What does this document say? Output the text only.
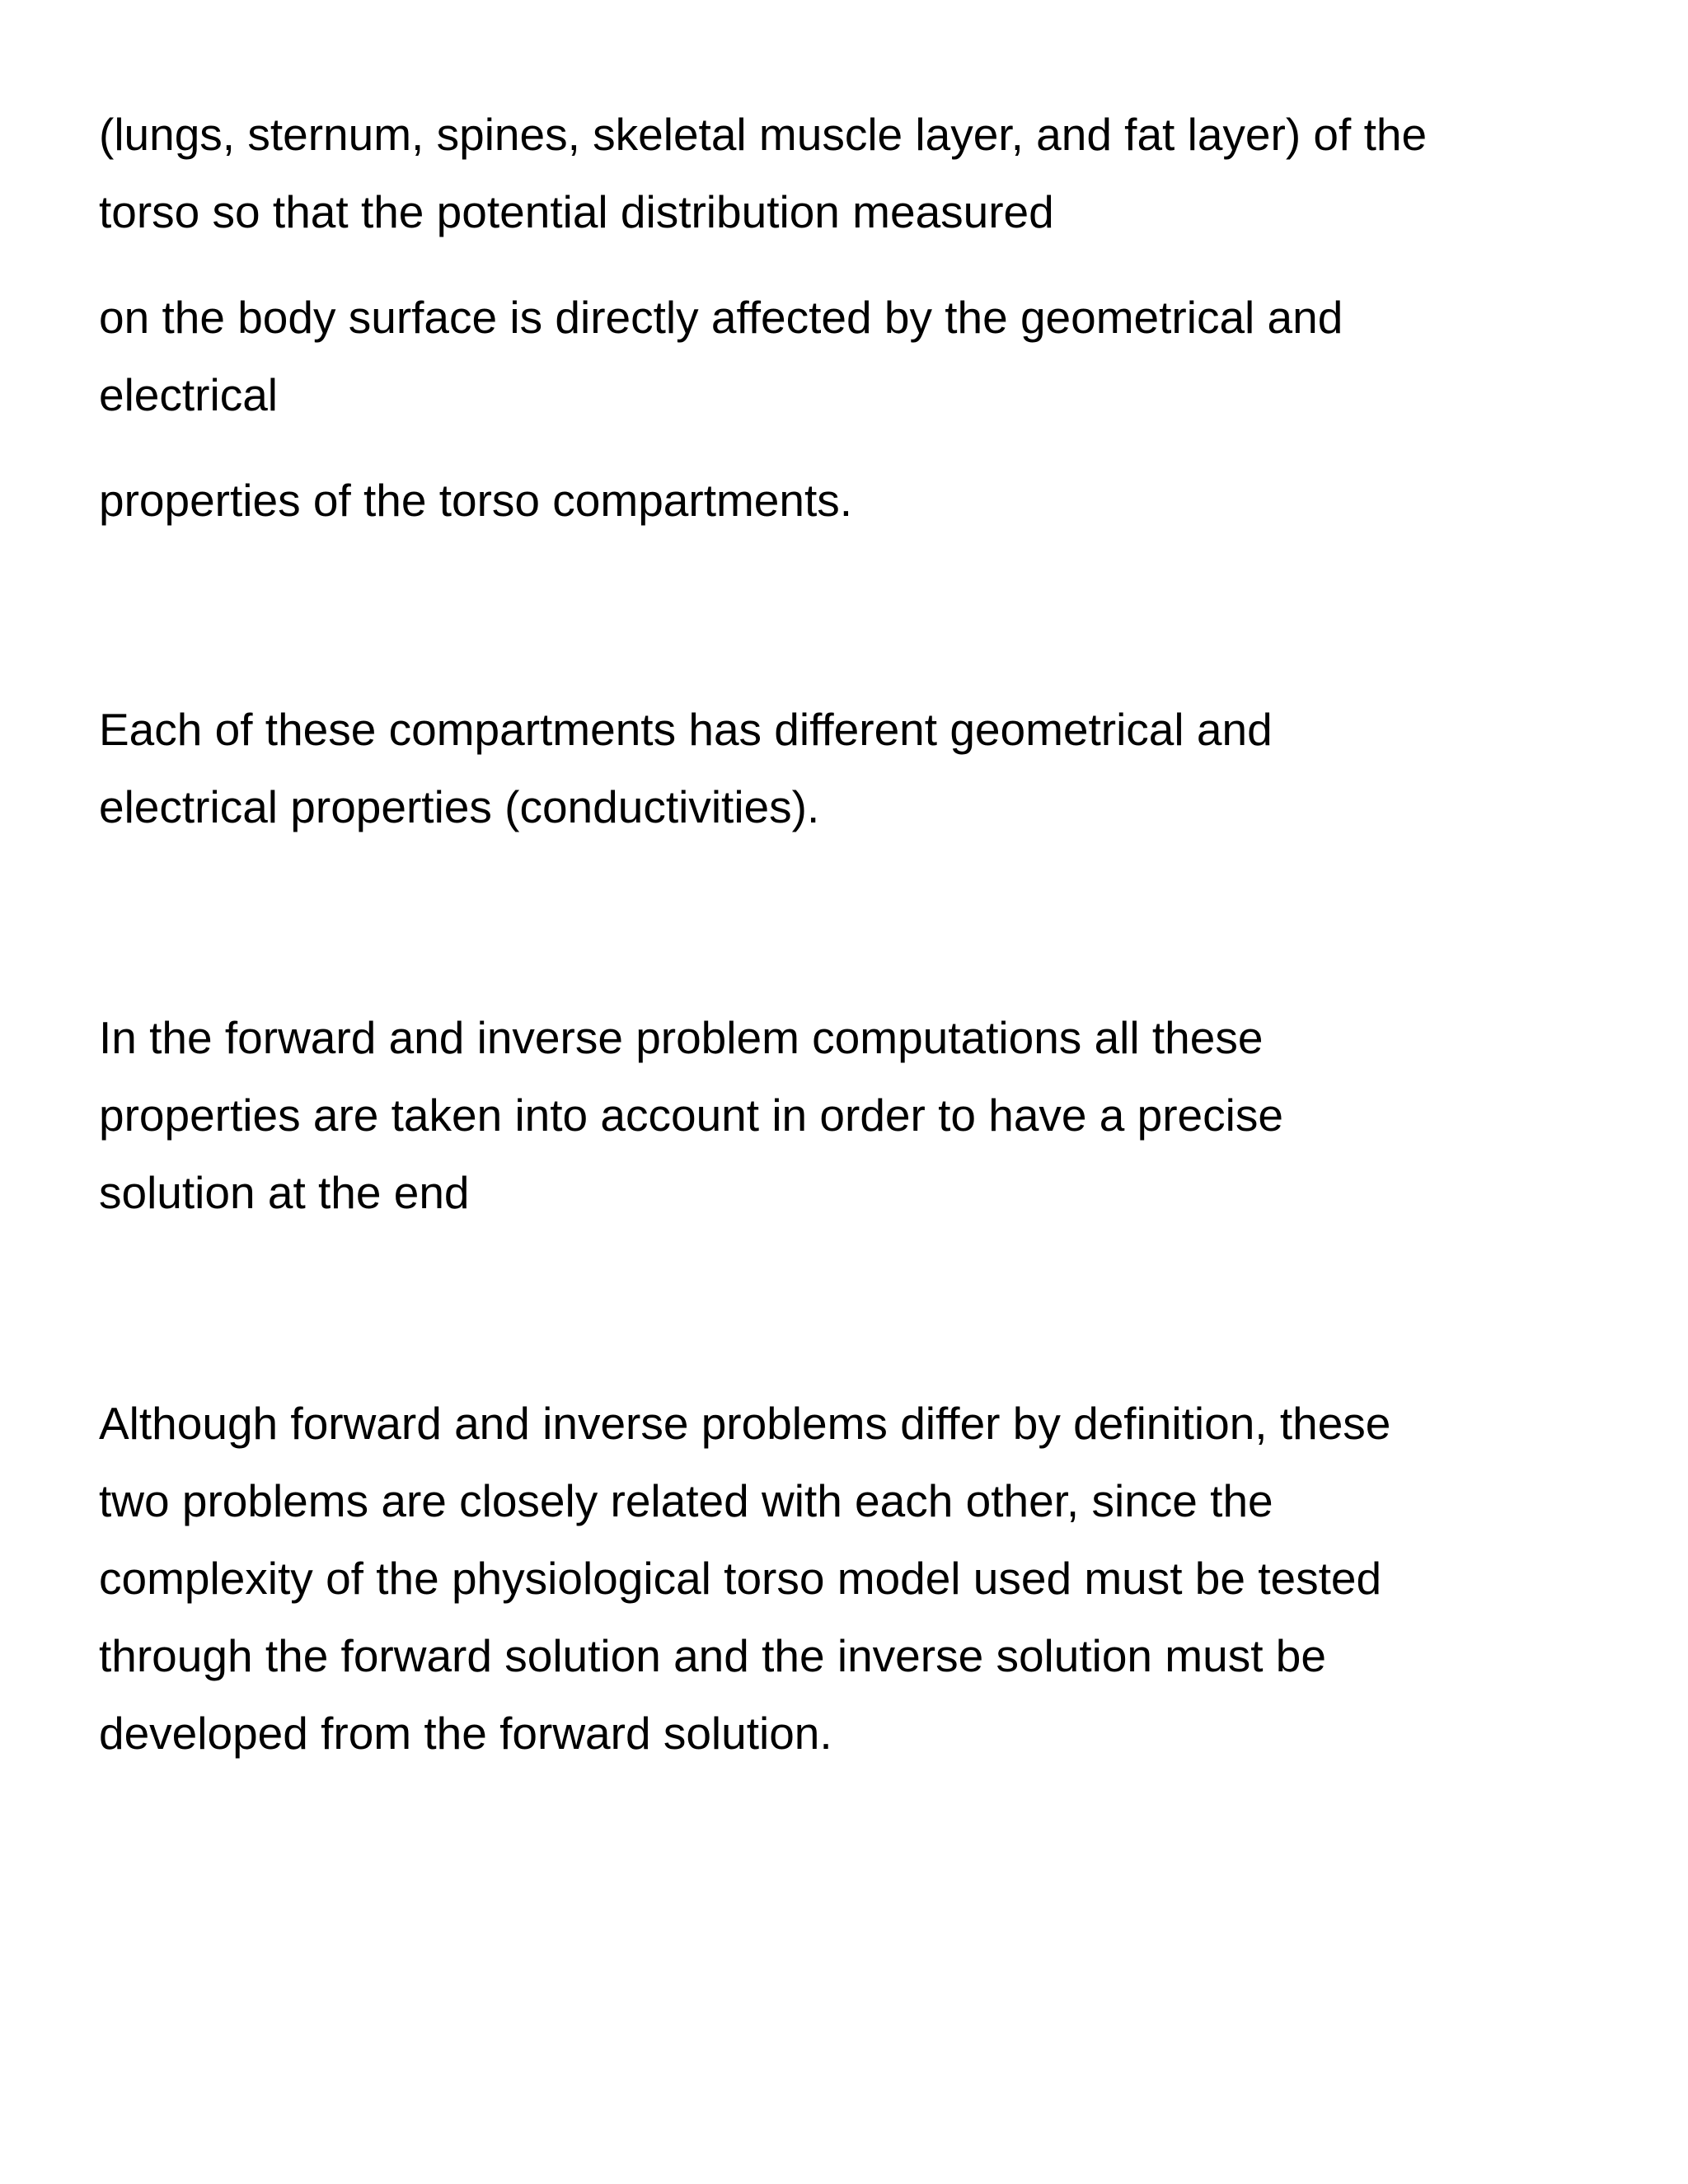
(lungs, sternum, spines, skeletal muscle layer, and fat layer) of the
torso so that the potential distribution measured

on the body surface is directly affected by the geometrical and
electrical

properties of the torso compartments.

Each of these compartments has different geometrical and
electrical properties (conductivities).

In the forward and inverse problem computations all these
properties are taken into account in order to have a precise
solution at the end

Although forward and inverse problems differ by definition, these
two problems are closely related with each other, since the
complexity of the physiological torso model used must be tested
through the forward solution and the inverse solution must be
developed from the forward solution.
